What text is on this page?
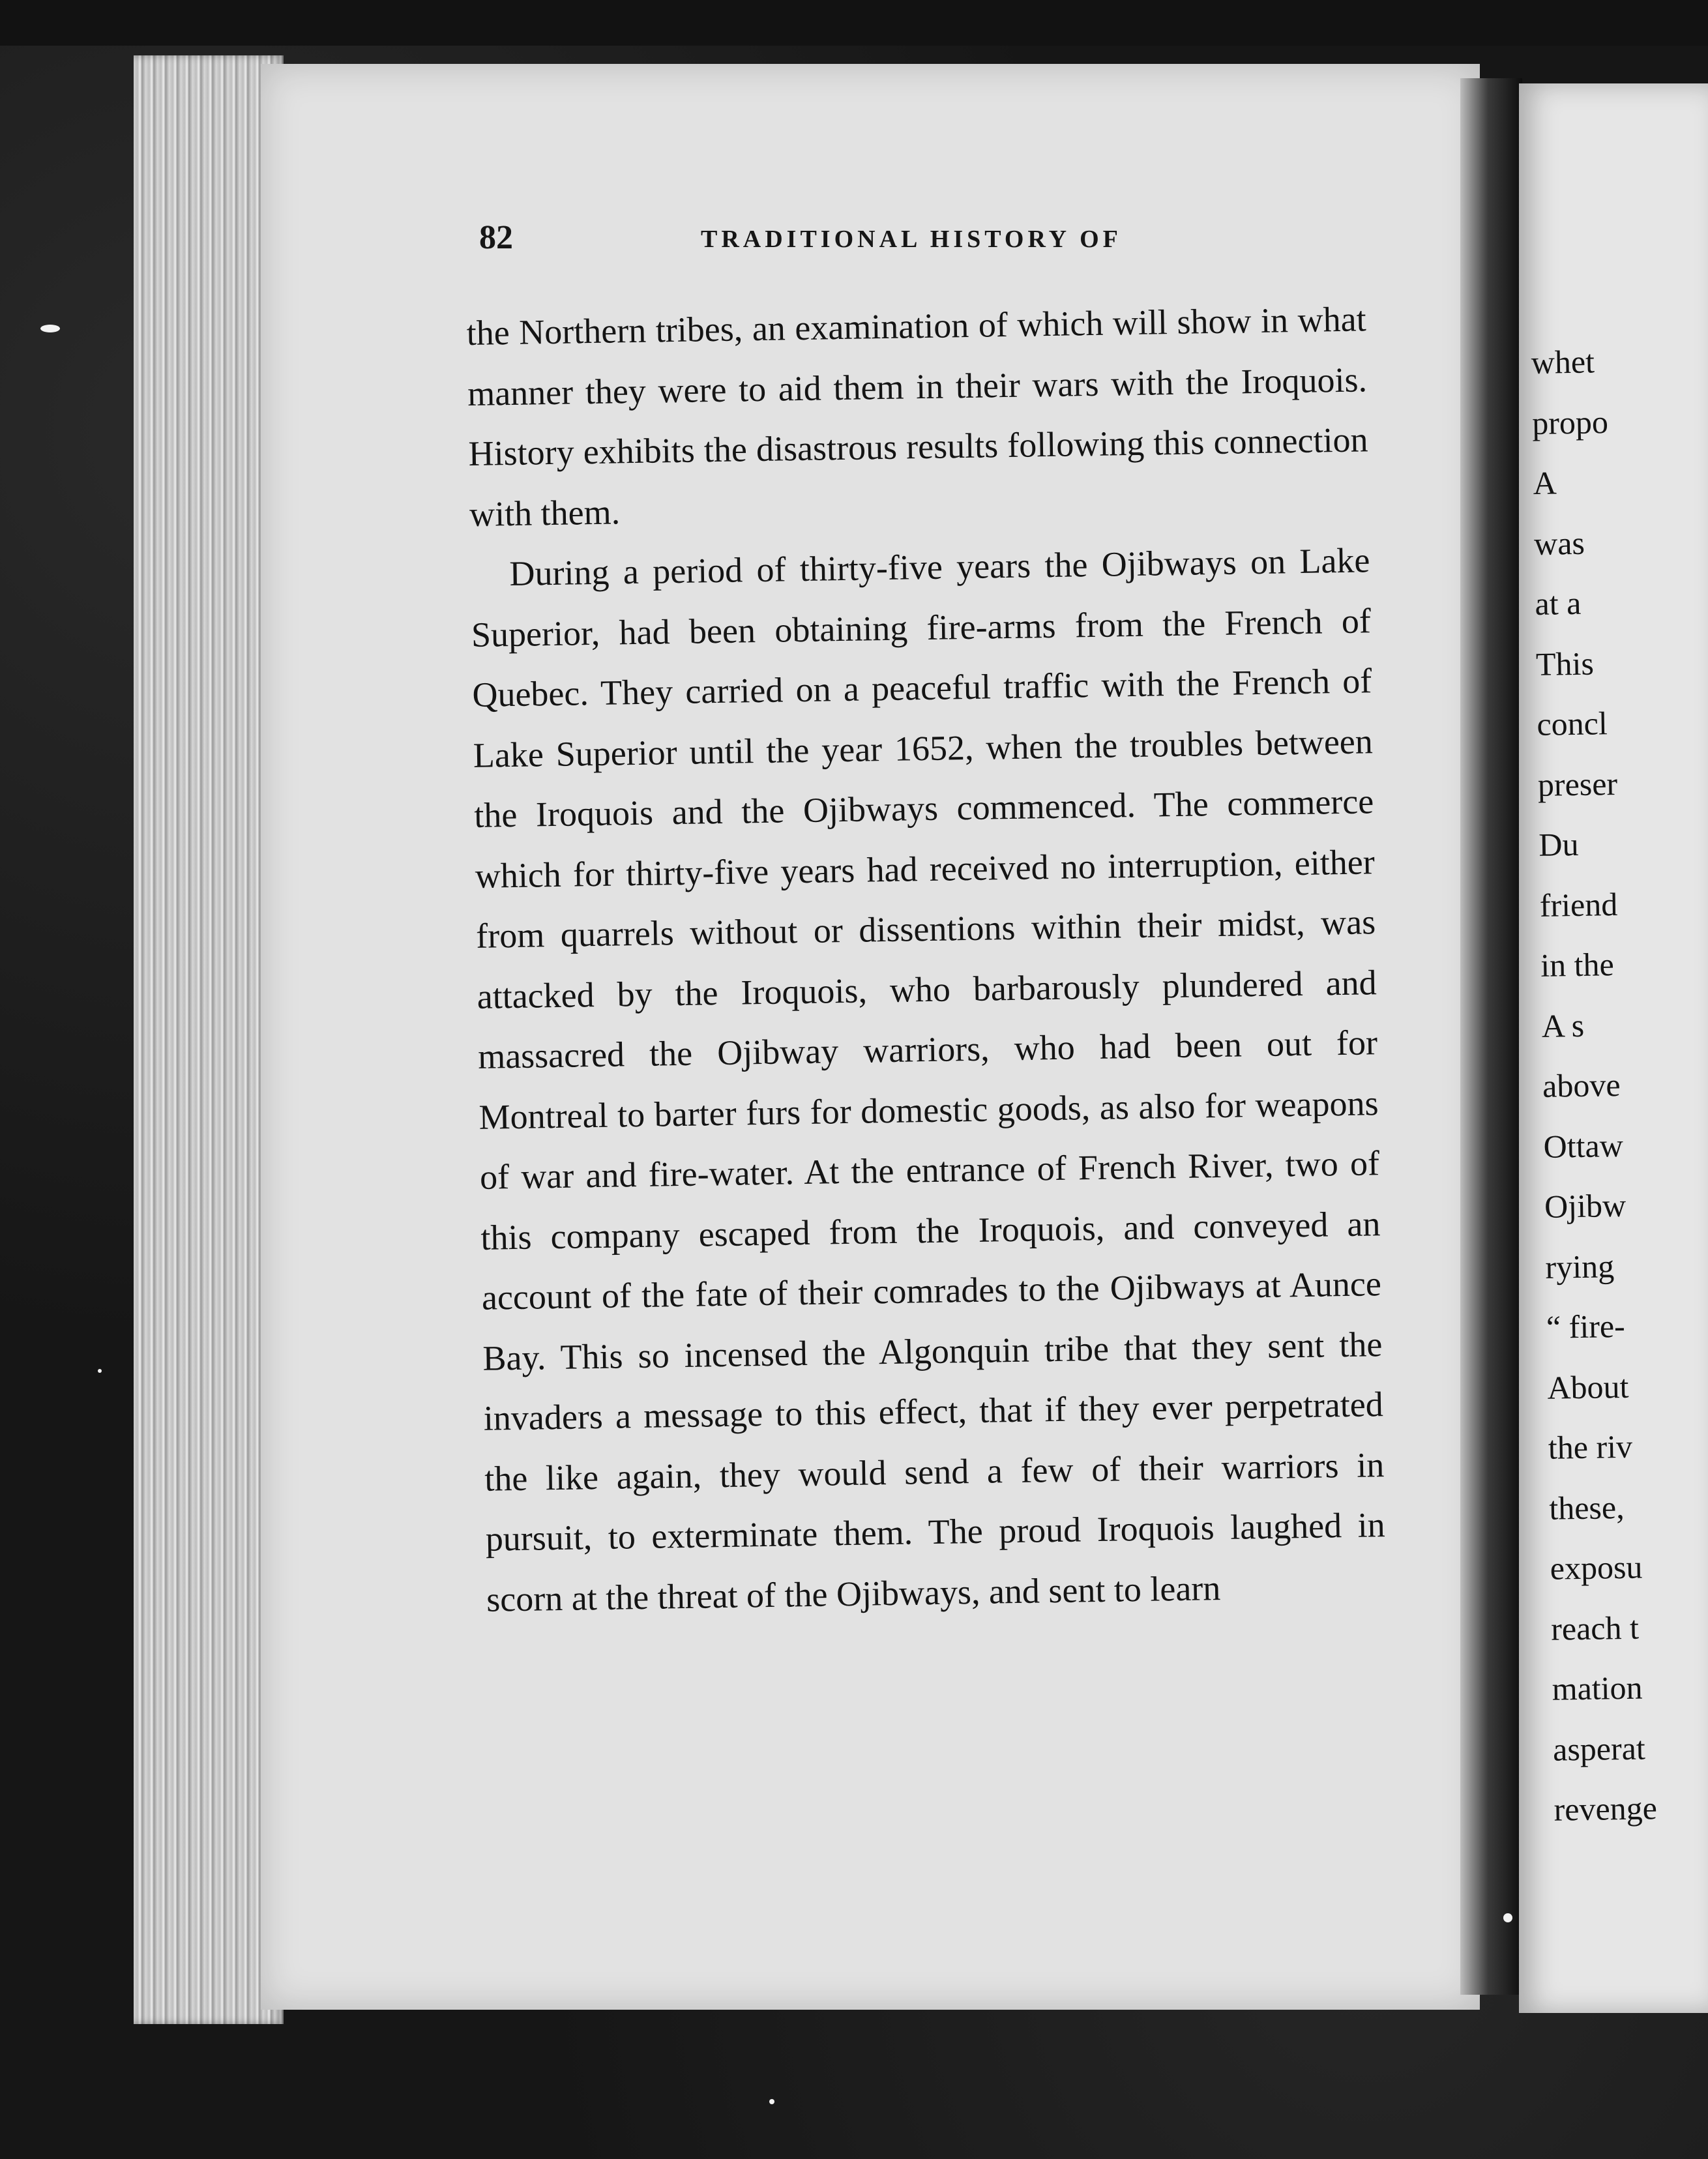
82	TRADITIONAL HISTORY OF

the Northern tribes, an examination of which will show in what manner they were to aid them in their wars with the Iroquois. History exhibits the disastrous results following this connection with them.

During a period of thirty-five years the Ojibways on Lake Superior, had been obtaining fire-arms from the French of Quebec. They carried on a peaceful traffic with the French of Lake Superior until the year 1652, when the troubles between the Iroquois and the Ojibways commenced. The commerce which for thirty-five years had received no interruption, either from quarrels without or dissentions within their midst, was attacked by the Iroquois, who barbarously plundered and massacred the Ojibway warriors, who had been out for Montreal to barter furs for domestic goods, as also for weapons of war and fire-water. At the entrance of French River, two of this company escaped from the Iroquois, and conveyed an account of the fate of their comrades to the Ojibways at Aunce Bay. This so incensed the Algonquin tribe that they sent the invaders a message to this effect, that if they ever perpetrated the like again, they would send a few of their warriors in pursuit, to exterminate them. The proud Iroquois laughed in scorn at the threat of the Ojibways, and sent to learn

whet
propo
A
was
at a
This
concl
preser
Du
friend
in the
A s
above
Ottaw
Ojibw
rying
“ fire-
About
the riv
these,
exposu
reach t
mation
asperat
revenge
